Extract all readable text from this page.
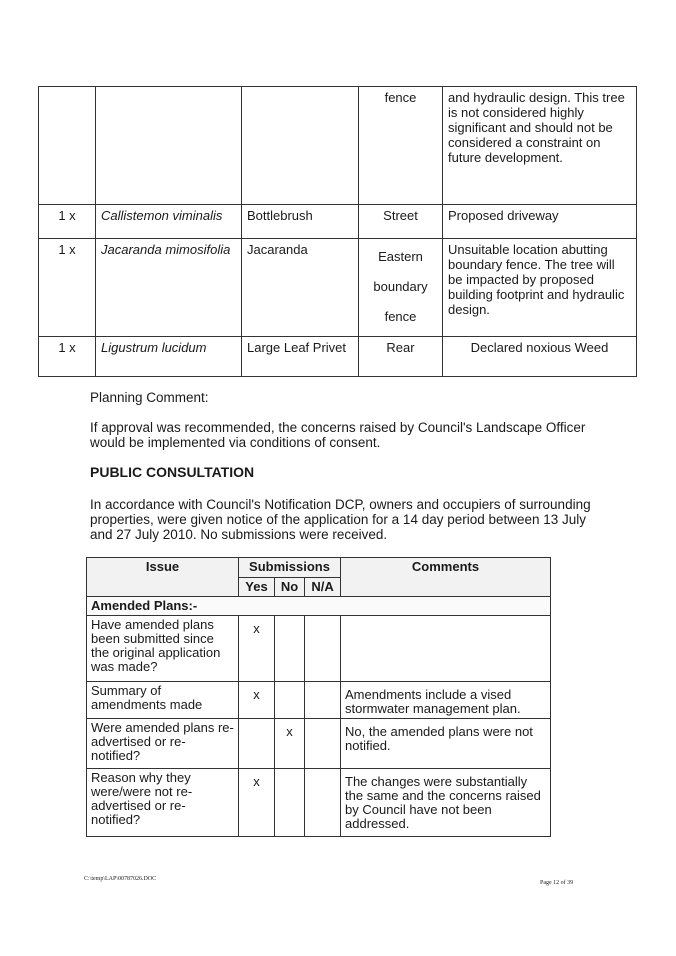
			fence	and hydraulic design. This tree is not considered highly significant and should not be considered a constraint on future development.
1 x	Callistemon viminalis	Bottlebrush	Street	Proposed driveway
1 x	Jacaranda mimosifolia	Jacaranda	Eastern boundary fence	Unsuitable location abutting boundary fence. The tree will be impacted by proposed building footprint and hydraulic design.
1 x	Ligustrum lucidum	Large Leaf Privet	Rear	Declared noxious Weed

Planning Comment:

If approval was recommended, the concerns raised by Council's Landscape Officer would be implemented via conditions of consent.

PUBLIC CONSULTATION

In accordance with Council's Notification DCP, owners and occupiers of surrounding properties, were given notice of the application for a 14 day period between 13 July and 27 July 2010. No submissions were received.

Issue	Submissions			Comments
	Yes	No	N/A	
Amended Plans:-				
Have amended plans been submitted since the original application was made?	x			
Summary of amendments made	x			Amendments include a vised stormwater management plan.
Were amended plans re-advertised or re-notified?		x		No, the amended plans were not notified.
Reason why they were/were not re-advertised or re-notified?	x			The changes were substantially the same and the concerns raised by Council have not been addressed.
C:\temp\LAP\00787026.DOC
Page 12 of 39
